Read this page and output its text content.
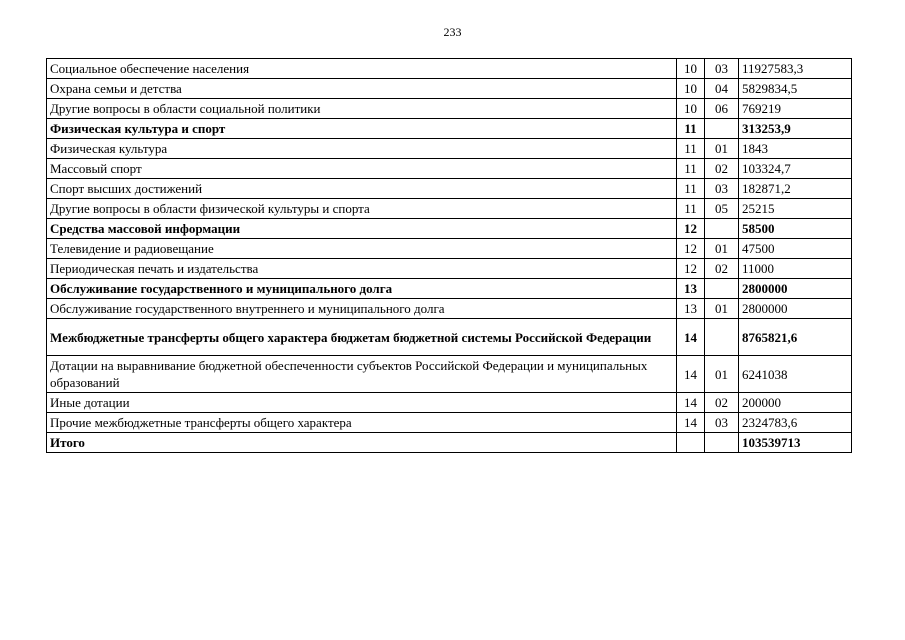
233
Социальное обеспечение населения	10	03	11927583,3
Охрана семьи и детства	10	04	5829834,5
Другие вопросы в области социальной политики	10	06	769219
Физическая культура и спорт	11		313253,9
Физическая культура	11	01	1843
Массовый спорт	11	02	103324,7
Спорт высших достижений	11	03	182871,2
Другие вопросы в области физической культуры и спорта	11	05	25215
Средства массовой информации	12		58500
Телевидение и радиовещание	12	01	47500
Периодическая печать и издательства	12	02	11000
Обслуживание государственного и муниципального долга	13		2800000
Обслуживание государственного внутреннего и муниципального долга	13	01	2800000
Межбюджетные трансферты общего характера бюджетам бюджетной системы Российской Федерации	14		8765821,6
Дотации на выравнивание бюджетной обеспеченности субъектов Российской Федерации и муниципальных образований	14	01	6241038
Иные дотации	14	02	200000
Прочие межбюджетные трансферты общего характера	14	03	2324783,6
Итого			103539713
